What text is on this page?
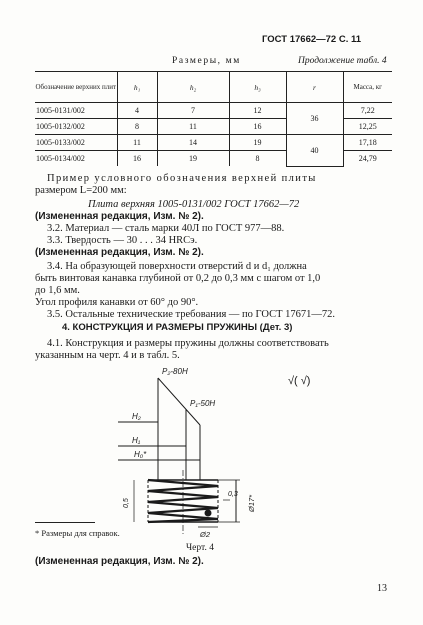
ГОСТ 17662—72 С. 11
Размеры, мм	Продолжение табл. 4
Обозначение верхних плит	h₁	h₂	h₃	r	Масса, кг
1005-0131/002	4	7	12	36	7,22
1005-0132/002	8	11	16		12,25
1005-0133/002	11	14	19	40	17,18
1005-0134/002	16	19	8		24,79
Пример условного обозначения верхней плиты
размером L=200 мм:
Плита верхняя 1005-0131/002 ГОСТ 17662—72
(Измененная редакция, Изм. № 2).
3.2. Материал — сталь марки 40Л по ГОСТ 977—88.
3.3. Твердость — 30 . . . 34 HRCэ.
(Измененная редакция, Изм. № 2).
3.4. На образующей поверхности отверстий d и d₁ должна
быть винтовая канавка глубиной от 0,2 до 0,3 мм с шагом от 1,0
до 1,6 мм.
Угол профиля канавки от 60° до 90°.
3.5. Остальные технические требования — по ГОСТ 17671—72.
4. КОНСТРУКЦИЯ И РАЗМЕРЫ ПРУЖИНЫ (Дет. 3)
4.1. Конструкция и размеры пружины должны соответствовать
указанным на черт. 4 и в табл. 5.
P₂-80Н
P₁-50Н
H₂
H₁
H₀*
0,5
0,3
Ø17*
Ø2
√( √)
* Размеры для справок.
Черт. 4
(Измененная редакция, Изм. № 2).
13
